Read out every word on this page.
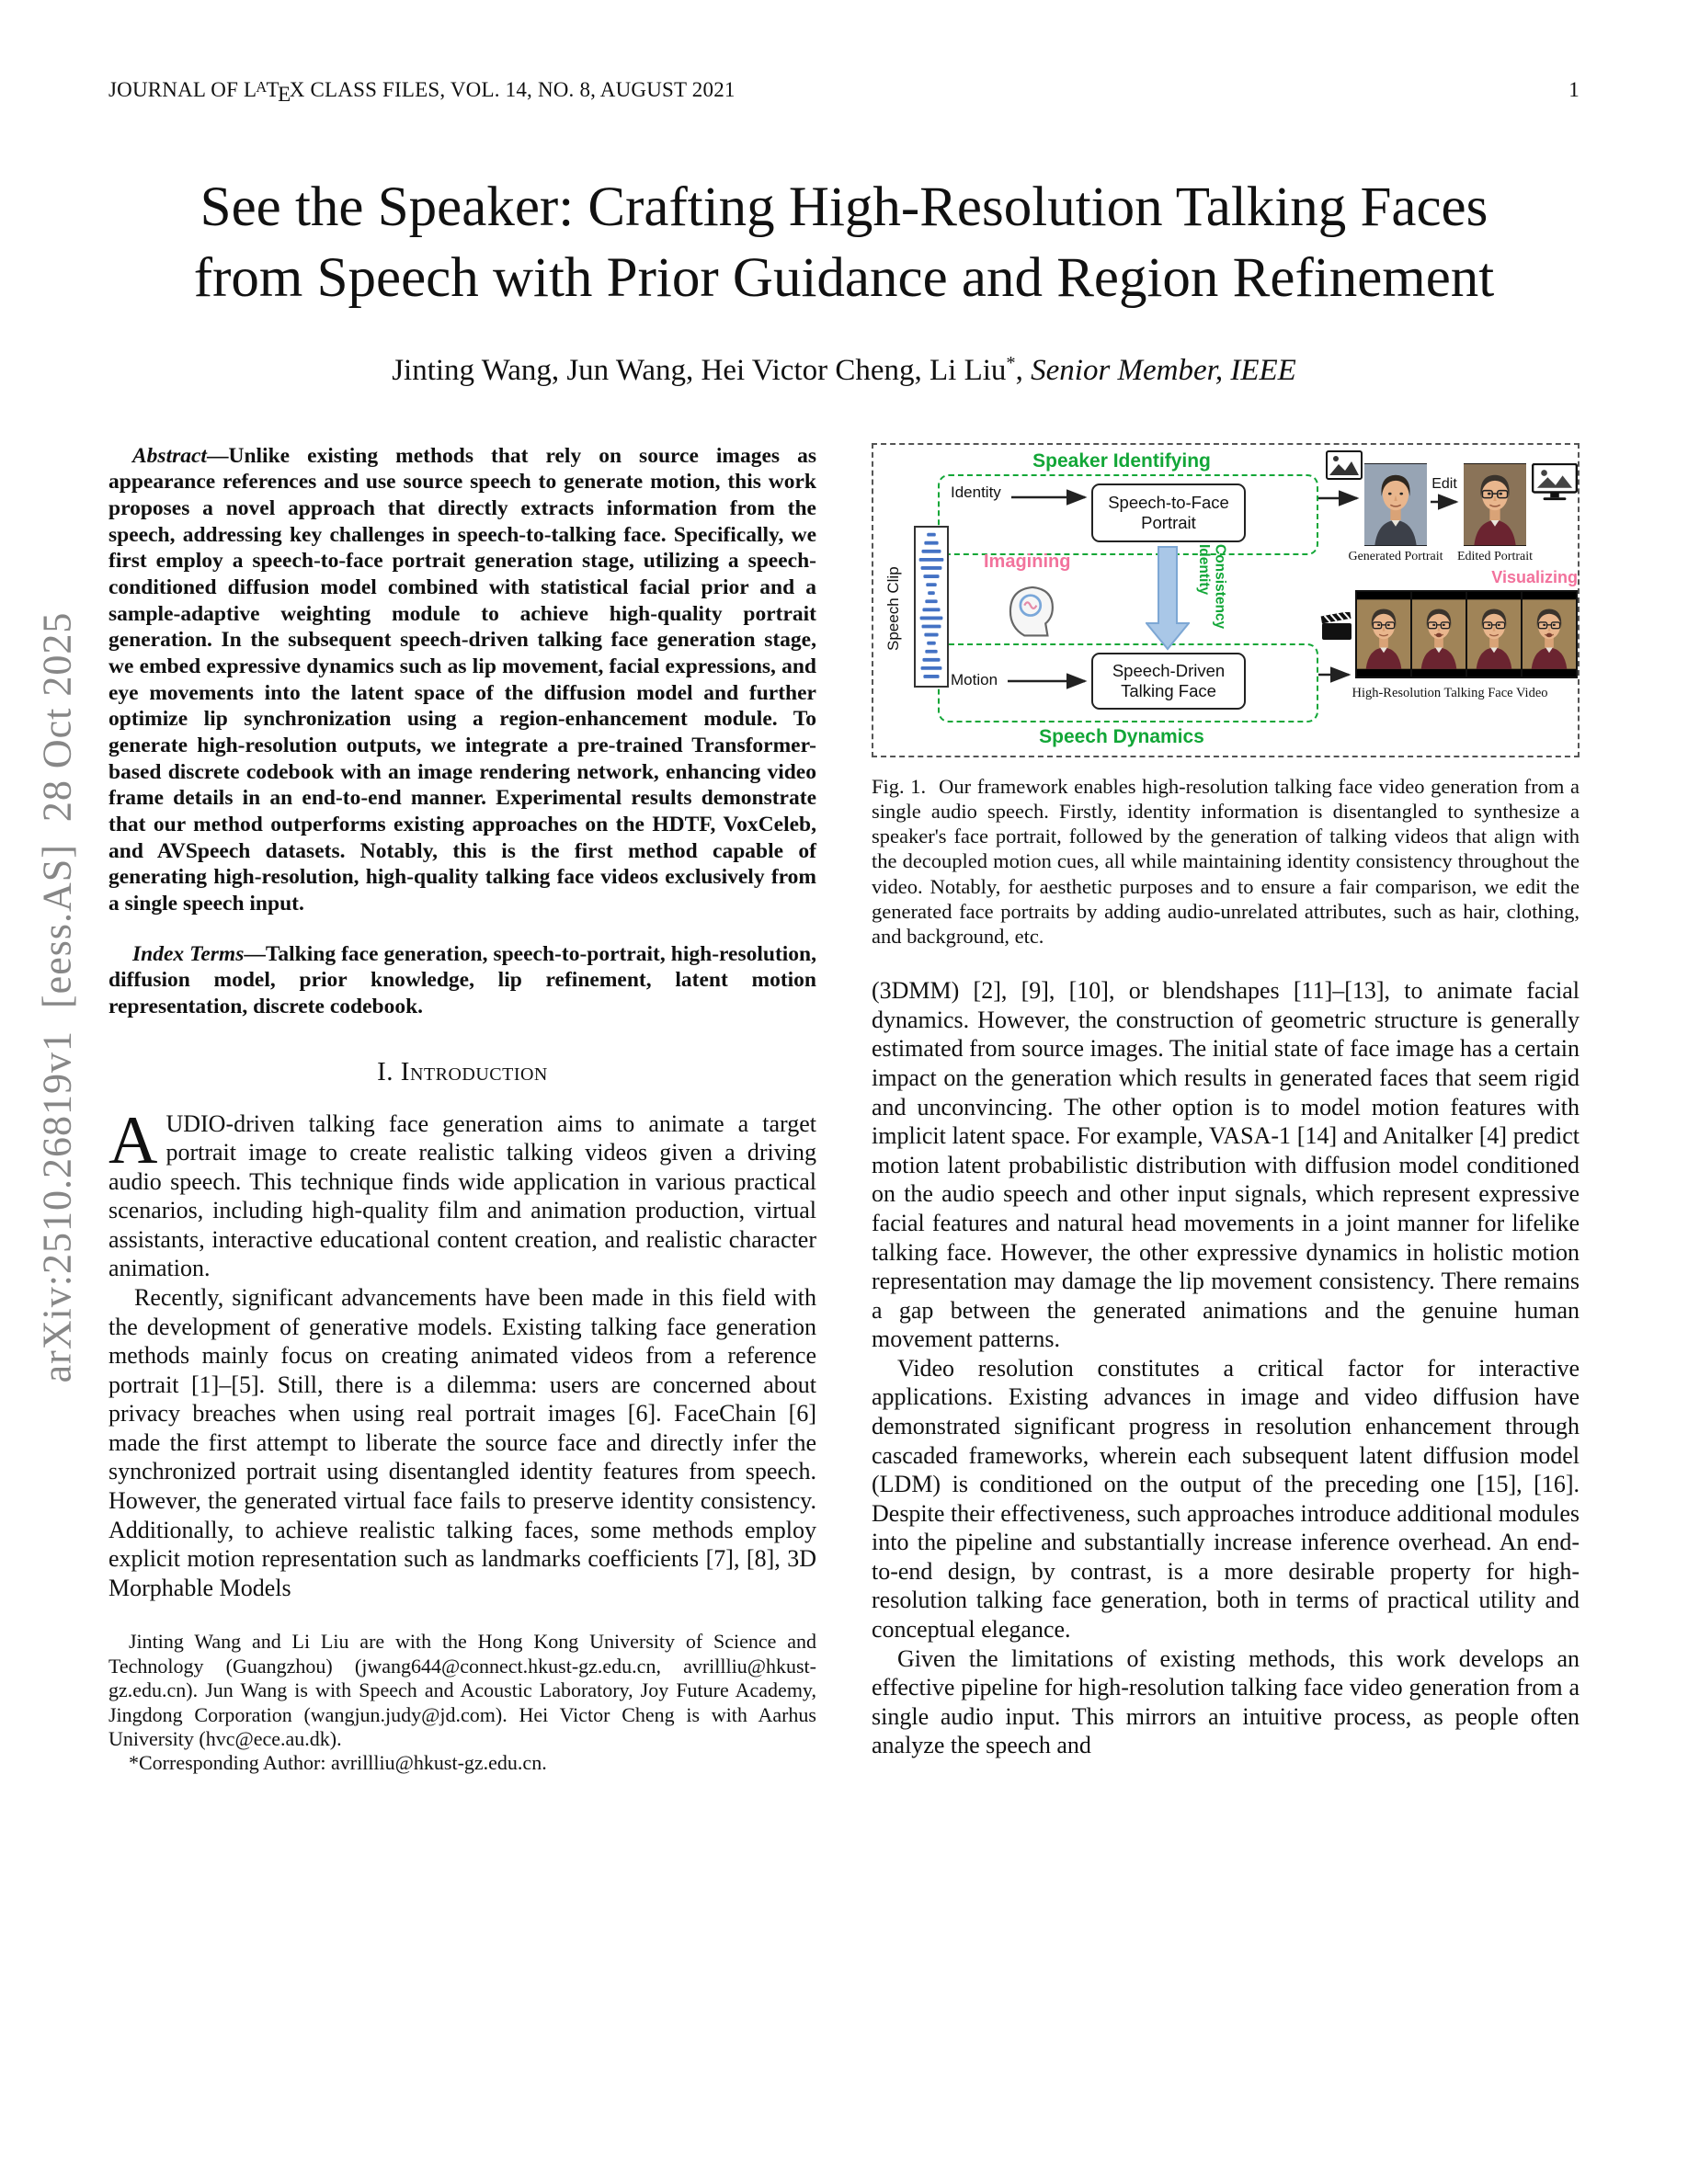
arXiv:2510.26819v1  [eess.AS]  28 Oct 2025
JOURNAL OF $L^ATEX$ CLASS FILES, VOL. 14, NO. 8, AUGUST 2021	1
See the Speaker: Crafting High-Resolution Talking Faces from Speech with Prior Guidance and Region Refinement
Jinting Wang, Jun Wang, Hei Victor Cheng, Li Liu*, Senior Member, IEEE

Abstract—Unlike existing methods that rely on source images as appearance references and use source speech to generate motion, this work proposes a novel approach that directly extracts information from the speech, addressing key challenges in speech-to-talking face. Specifically, we first employ a speech-to-face portrait generation stage, utilizing a speech-conditioned diffusion model combined with statistical facial prior and a sample-adaptive weighting module to achieve high-quality portrait generation. In the subsequent speech-driven talking face generation stage, we embed expressive dynamics such as lip movement, facial expressions, and eye movements into the latent space of the diffusion model and further optimize lip synchronization using a region-enhancement module. To generate high-resolution outputs, we integrate a pre-trained Transformer-based discrete codebook with an image rendering network, enhancing video frame details in an end-to-end manner. Experimental results demonstrate that our method outperforms existing approaches on the HDTF, VoxCeleb, and AVSpeech datasets. Notably, this is the first method capable of generating high-resolution, high-quality talking face videos exclusively from a single speech input.

Index Terms—Talking face generation, speech-to-portrait, high-resolution, diffusion model, prior knowledge, lip refinement, latent motion representation, discrete codebook.

I. Introduction

AUDIO-driven talking face generation aims to animate a target portrait image to create realistic talking videos given a driving audio speech. This technique finds wide application in various practical scenarios, including high-quality film and animation production, virtual assistants, interactive educational content creation, and realistic character animation.

Recently, significant advancements have been made in this field with the development of generative models. Existing talking face generation methods mainly focus on creating animated videos from a reference portrait [1]–[5]. Still, there is a dilemma: users are concerned about privacy breaches when using real portrait images [6]. FaceChain [6] made the first attempt to liberate the source face and directly infer the synchronized portrait using disentangled identity features from speech. However, the generated virtual face fails to preserve identity consistency. Additionally, to achieve realistic talking faces, some methods employ explicit motion representation such as landmarks coefficients [7], [8], 3D Morphable Models

Jinting Wang and Li Liu are with the Hong Kong University of Science and Technology (Guangzhou) (jwang644@connect.hkust-gz.edu.cn, avrillliu@hkust-gz.edu.cn). Jun Wang is with Speech and Acoustic Laboratory, Joy Future Academy, Jingdong Corporation (wangjun.judy@jd.com). Hei Victor Cheng is with Aarhus University (hvc@ece.au.dk).

*Corresponding Author: avrillliu@hkust-gz.edu.cn.

Speaker Identifying
Speech Dynamics
Identity
Motion
Speech Clip
Speech-to-Face Portrait
Speech-Driven Talking Face
Imagining	Identity Consistency
Edit
Generated Portrait	Edited Portrait
Visualizing
High-Resolution Talking Face Video
Fig. 1. Our framework enables high-resolution talking face video generation from a single audio speech. Firstly, identity information is disentangled to synthesize a speaker's face portrait, followed by the generation of talking videos that align with the decoupled motion cues, all while maintaining identity consistency throughout the video. Notably, for aesthetic purposes and to ensure a fair comparison, we edit the generated face portraits by adding audio-unrelated attributes, such as hair, clothing, and background, etc.

(3DMM) [2], [9], [10], or blendshapes [11]–[13], to animate facial dynamics. However, the construction of geometric structure is generally estimated from source images. The initial state of face image has a certain impact on the generation which results in generated faces that seem rigid and unconvincing. The other option is to model motion features with implicit latent space. For example, VASA-1 [14] and Anitalker [4] predict motion latent probabilistic distribution with diffusion model conditioned on the audio speech and other input signals, which represent expressive facial features and natural head movements in a joint manner for lifelike talking face. However, the other expressive dynamics in holistic motion representation may damage the lip movement consistency. There remains a gap between the generated animations and the genuine human movement patterns.

Video resolution constitutes a critical factor for interactive applications. Existing advances in image and video diffusion have demonstrated significant progress in resolution enhancement through cascaded frameworks, wherein each subsequent latent diffusion model (LDM) is conditioned on the output of the preceding one [15], [16]. Despite their effectiveness, such approaches introduce additional modules into the pipeline and substantially increase inference overhead. An end-to-end design, by contrast, is a more desirable property for high-resolution talking face generation, both in terms of practical utility and conceptual elegance.

Given the limitations of existing methods, this work develops an effective pipeline for high-resolution talking face video generation from a single audio input. This mirrors an intuitive process, as people often analyze the speech and
